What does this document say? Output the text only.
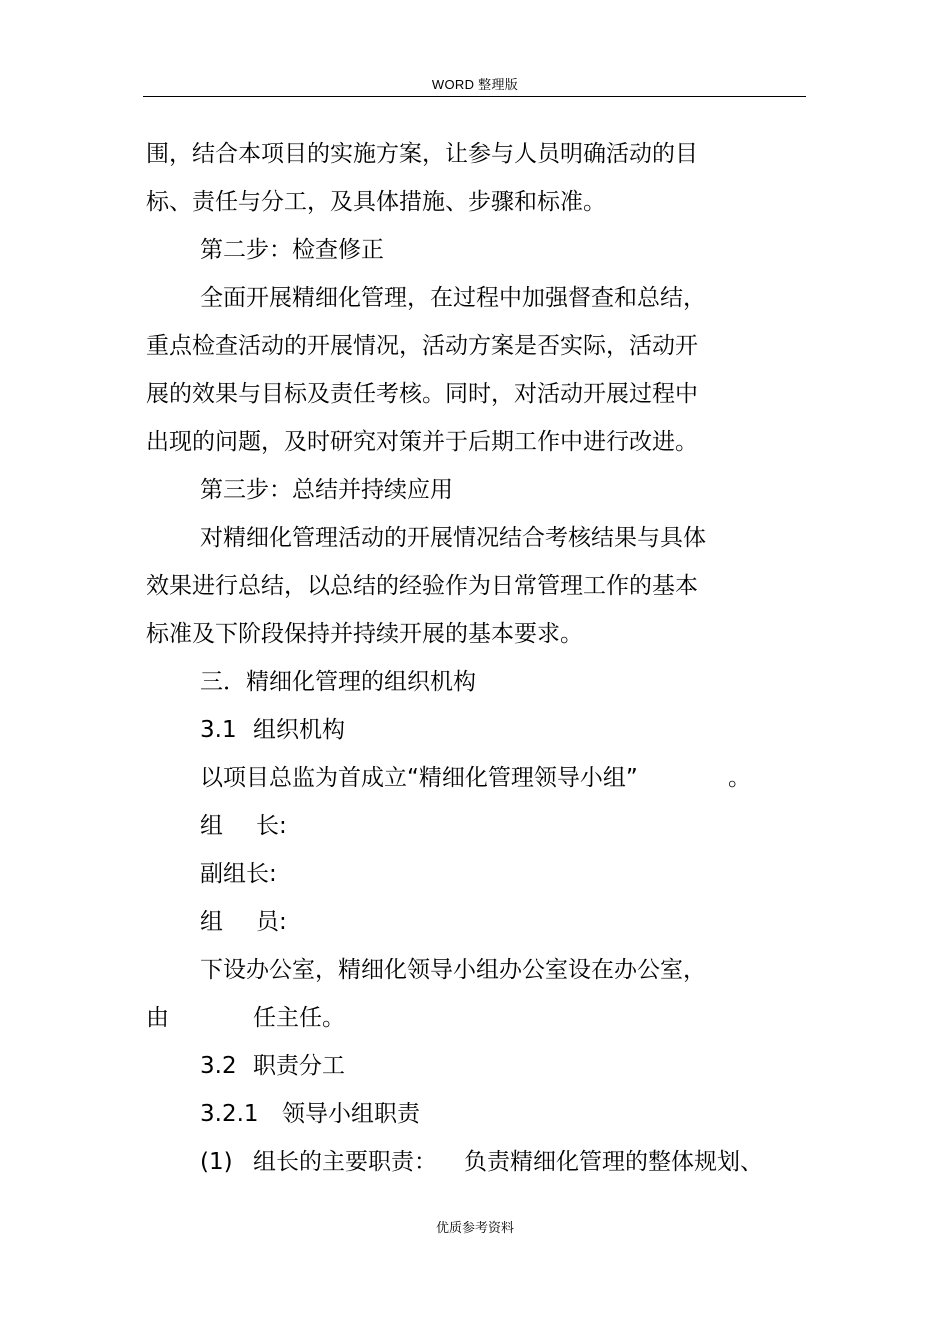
WORD 整理版
围，结合本项目的实施方案，让参与人员明确活动的目
标、责任与分工，及具体措施、步骤和标准。
第二步：检查修正
全面开展精细化管理，在过程中加强督查和总结，
重点检查活动的开展情况，活动方案是否实际，活动开
展的效果与目标及责任考核。同时，对活动开展过程中
出现的问题，及时研究对策并于后期工作中进行改进。
第三步：总结并持续应用
对精细化管理活动的开展情况结合考核结果与具体
效果进行总结，以总结的经验作为日常管理工作的基本
标准及下阶段保持并持续开展的基本要求。
三．精细化管理的组织机构
3.1 组织机构
以项目总监为首成立“精细化管理领导小组”	。
组 长:
副组长:
组 员:
下设办公室，精细化领导小组办公室设在办公室，
由	任主任。
3.2 职责分工
3.2.1 领导小组职责
(1) 组长的主要职责： 负责精细化管理的整体规划、
优质参考资料
